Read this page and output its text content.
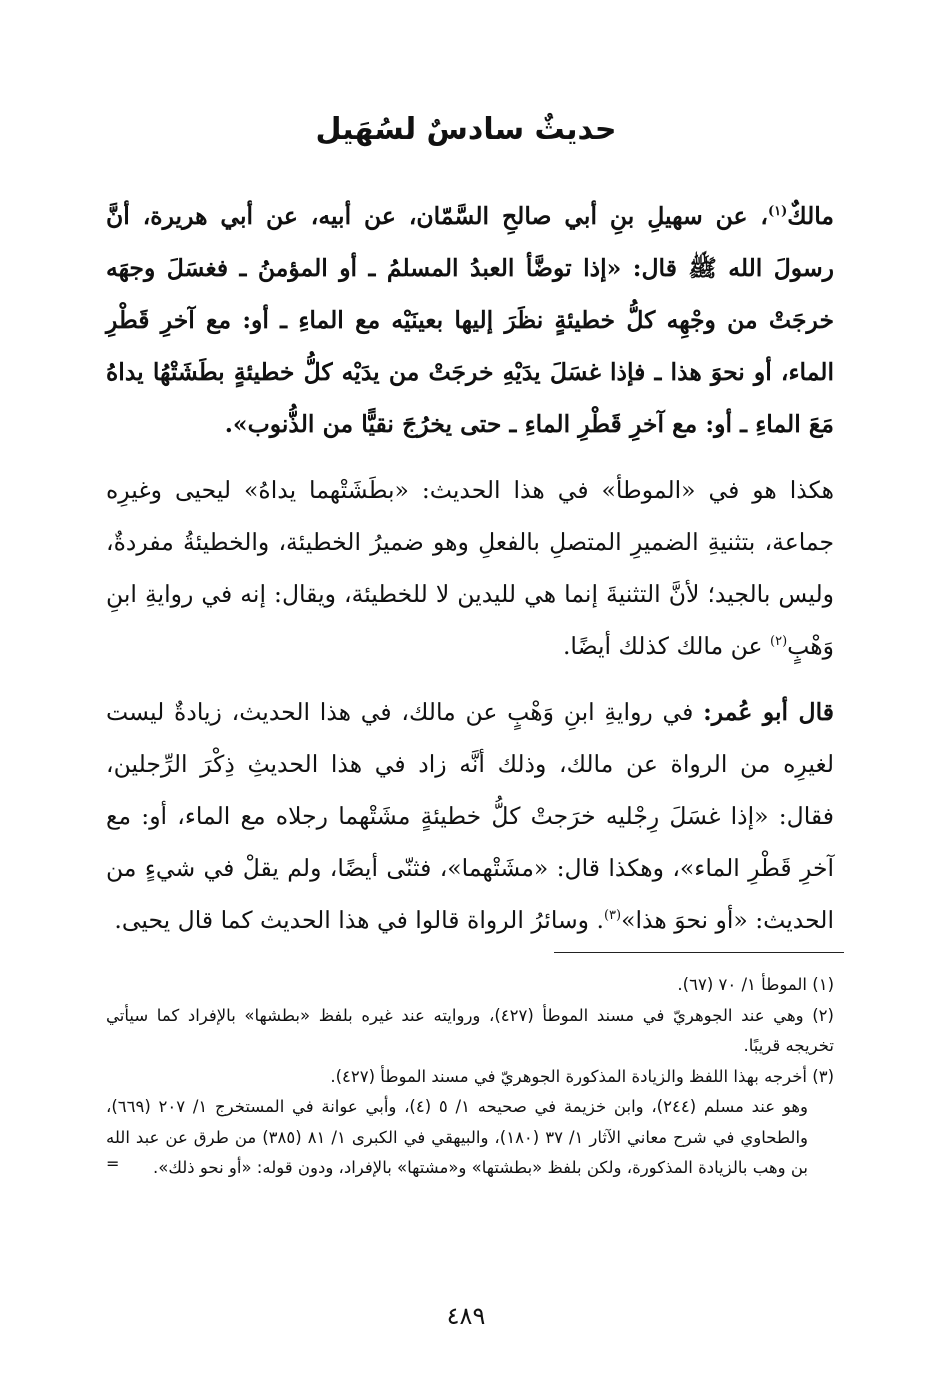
حديثٌ سادسٌ لسُهَيل

مالكٌ$^{(١)}$، عن سهيلِ بنِ أبي صالحِ السَّمّان، عن أبيه، عن أبي هريرة، أنَّ رسولَ الله ﷺ قال: «إذا توضَّأ العبدُ المسلمُ ـ أو المؤمنُ ـ فغسَلَ وجهَه خرجَتْ من وجْهِه كلُّ خطيئةٍ نظَرَ إليها بعينَيْه مع الماءِ ـ أو: مع آخرِ قَطْرِ الماء، أو نحوَ هذا ـ فإذا غسَلَ يدَيْهِ خرجَتْ من يدَيْه كلُّ خطيئةٍ بطَشَتْهُا يداهُ مَعَ الماءِ ـ أو: مع آخرِ قَطْرِ الماءِ ـ حتى يخرُجَ نقيًّا من الذُّنوب».

هكذا هو في «الموطأ» في هذا الحديث: «بطَشَتْهما يداهُ» ليحيى وغيرِه جماعة، بتثنيةِ الضميرِ المتصلِ بالفعلِ وهو ضميرُ الخطيئة، والخطيئةُ مفردةٌ، وليس بالجيد؛ لأنَّ التثنيةَ إنما هي لليدين لا للخطيئة، ويقال: إنه في روايةِ ابنِ وَهْبٍ$^{(٢)}$ عن مالك كذلك أيضًا.

قال أبو عُمر: في روايةِ ابنِ وَهْبٍ عن مالك، في هذا الحديث، زيادةٌ ليست لغيرِه من الرواة عن مالك، وذلك أنَّه زاد في هذا الحديثِ ذِكْرَ الرِّجلين، فقال: «إذا غسَلَ رِجْليه خرَجتْ كلُّ خطيئةٍ مشَتْهما رجلاه مع الماء، أو: مع آخرِ قَطْرِ الماء»، وهكذا قال: «مشَتْهما»، فثنّى أيضًا، ولم يقلْ في شيءٍ من الحديث: «أو نحوَ هذا»$^{(٣)}$. وسائرُ الرواة قالوا في هذا الحديث كما قال يحيى.

(١) الموطأ ١/ ٧٠ (٦٧).

(٢) وهي عند الجوهريّ في مسند الموطأ (٤٢٧)، وروايته عند غيره بلفظ «بطشها» بالإفراد كما سيأتي تخريجه قريبًا.

(٣) أخرجه بهذا اللفظ والزيادة المذكورة الجوهريّ في مسند الموطأ (٤٢٧).

وهو عند مسلم (٢٤٤)، وابن خزيمة في صحيحه ١/ ٥ (٤)، وأبي عوانة في المستخرج ١/ ٢٠٧ (٦٦٩)، والطحاوي في شرح معاني الآثار ١/ ٣٧ (١٨٠)، والبيهقي في الكبرى ١/ ٨١ (٣٨٥) من طرق عن عبد الله بن وهب بالزيادة المذكورة، ولكن بلفظ «بطشتها» و«مشتها» بالإفراد، ودون قوله: «أو نحو ذلك».

=
٤٨٩
